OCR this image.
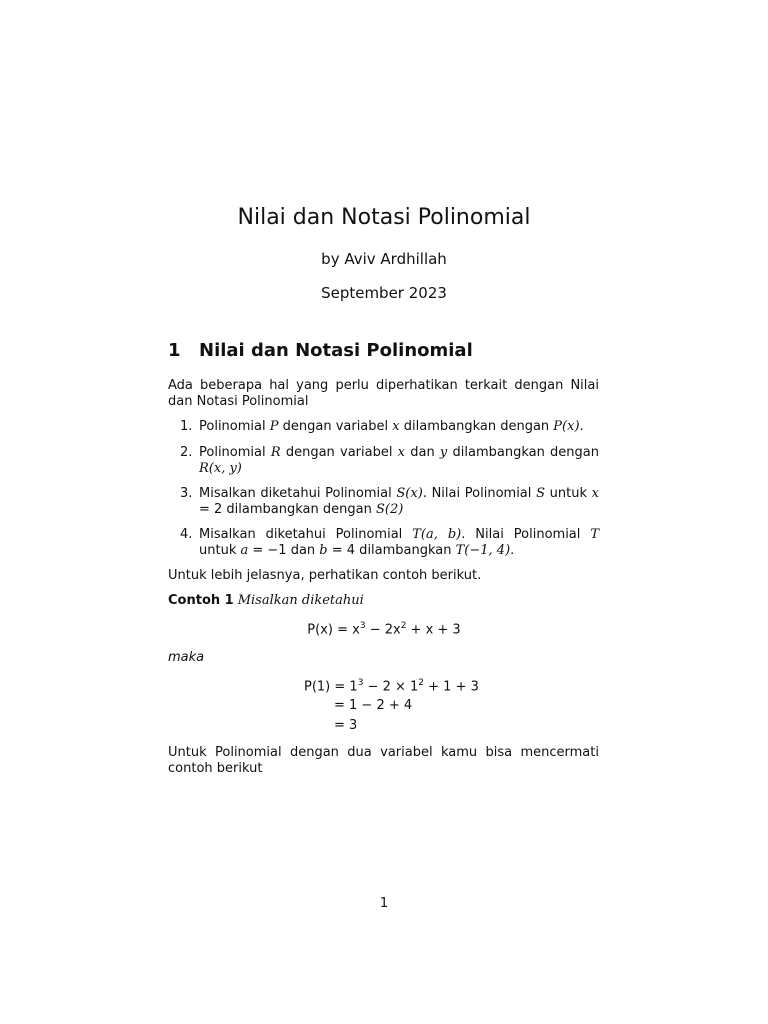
Nilai dan Notasi Polinomial
by Aviv Ardhillah
September 2023
1 Nilai dan Notasi Polinomial
Ada beberapa hal yang perlu diperhatikan terkait dengan Nilai dan Notasi Polinomial
1. Polinomial P dengan variabel x dilambangkan dengan P(x).
2. Polinomial R dengan variabel x dan y dilambangkan dengan R(x, y)
3. Misalkan diketahui Polinomial S(x). Nilai Polinomial S untuk x = 2 dilambangkan dengan S(2)
4. Misalkan diketahui Polinomial T(a, b). Nilai Polinomial T untuk a = −1 dan b = 4 dilambangkan T(−1, 4).
Untuk lebih jelasnya, perhatikan contoh berikut.
Contoh 1 Misalkan diketahui
$P(x) = x^3 - 2x^2 + x + 3$
maka
$P(1) = 1^3 - 2 \times 1^2 + 1 + 3$
= 1 − 2 + 4
= 3
Untuk Polinomial dengan dua variabel kamu bisa mencermati contoh berikut
1
